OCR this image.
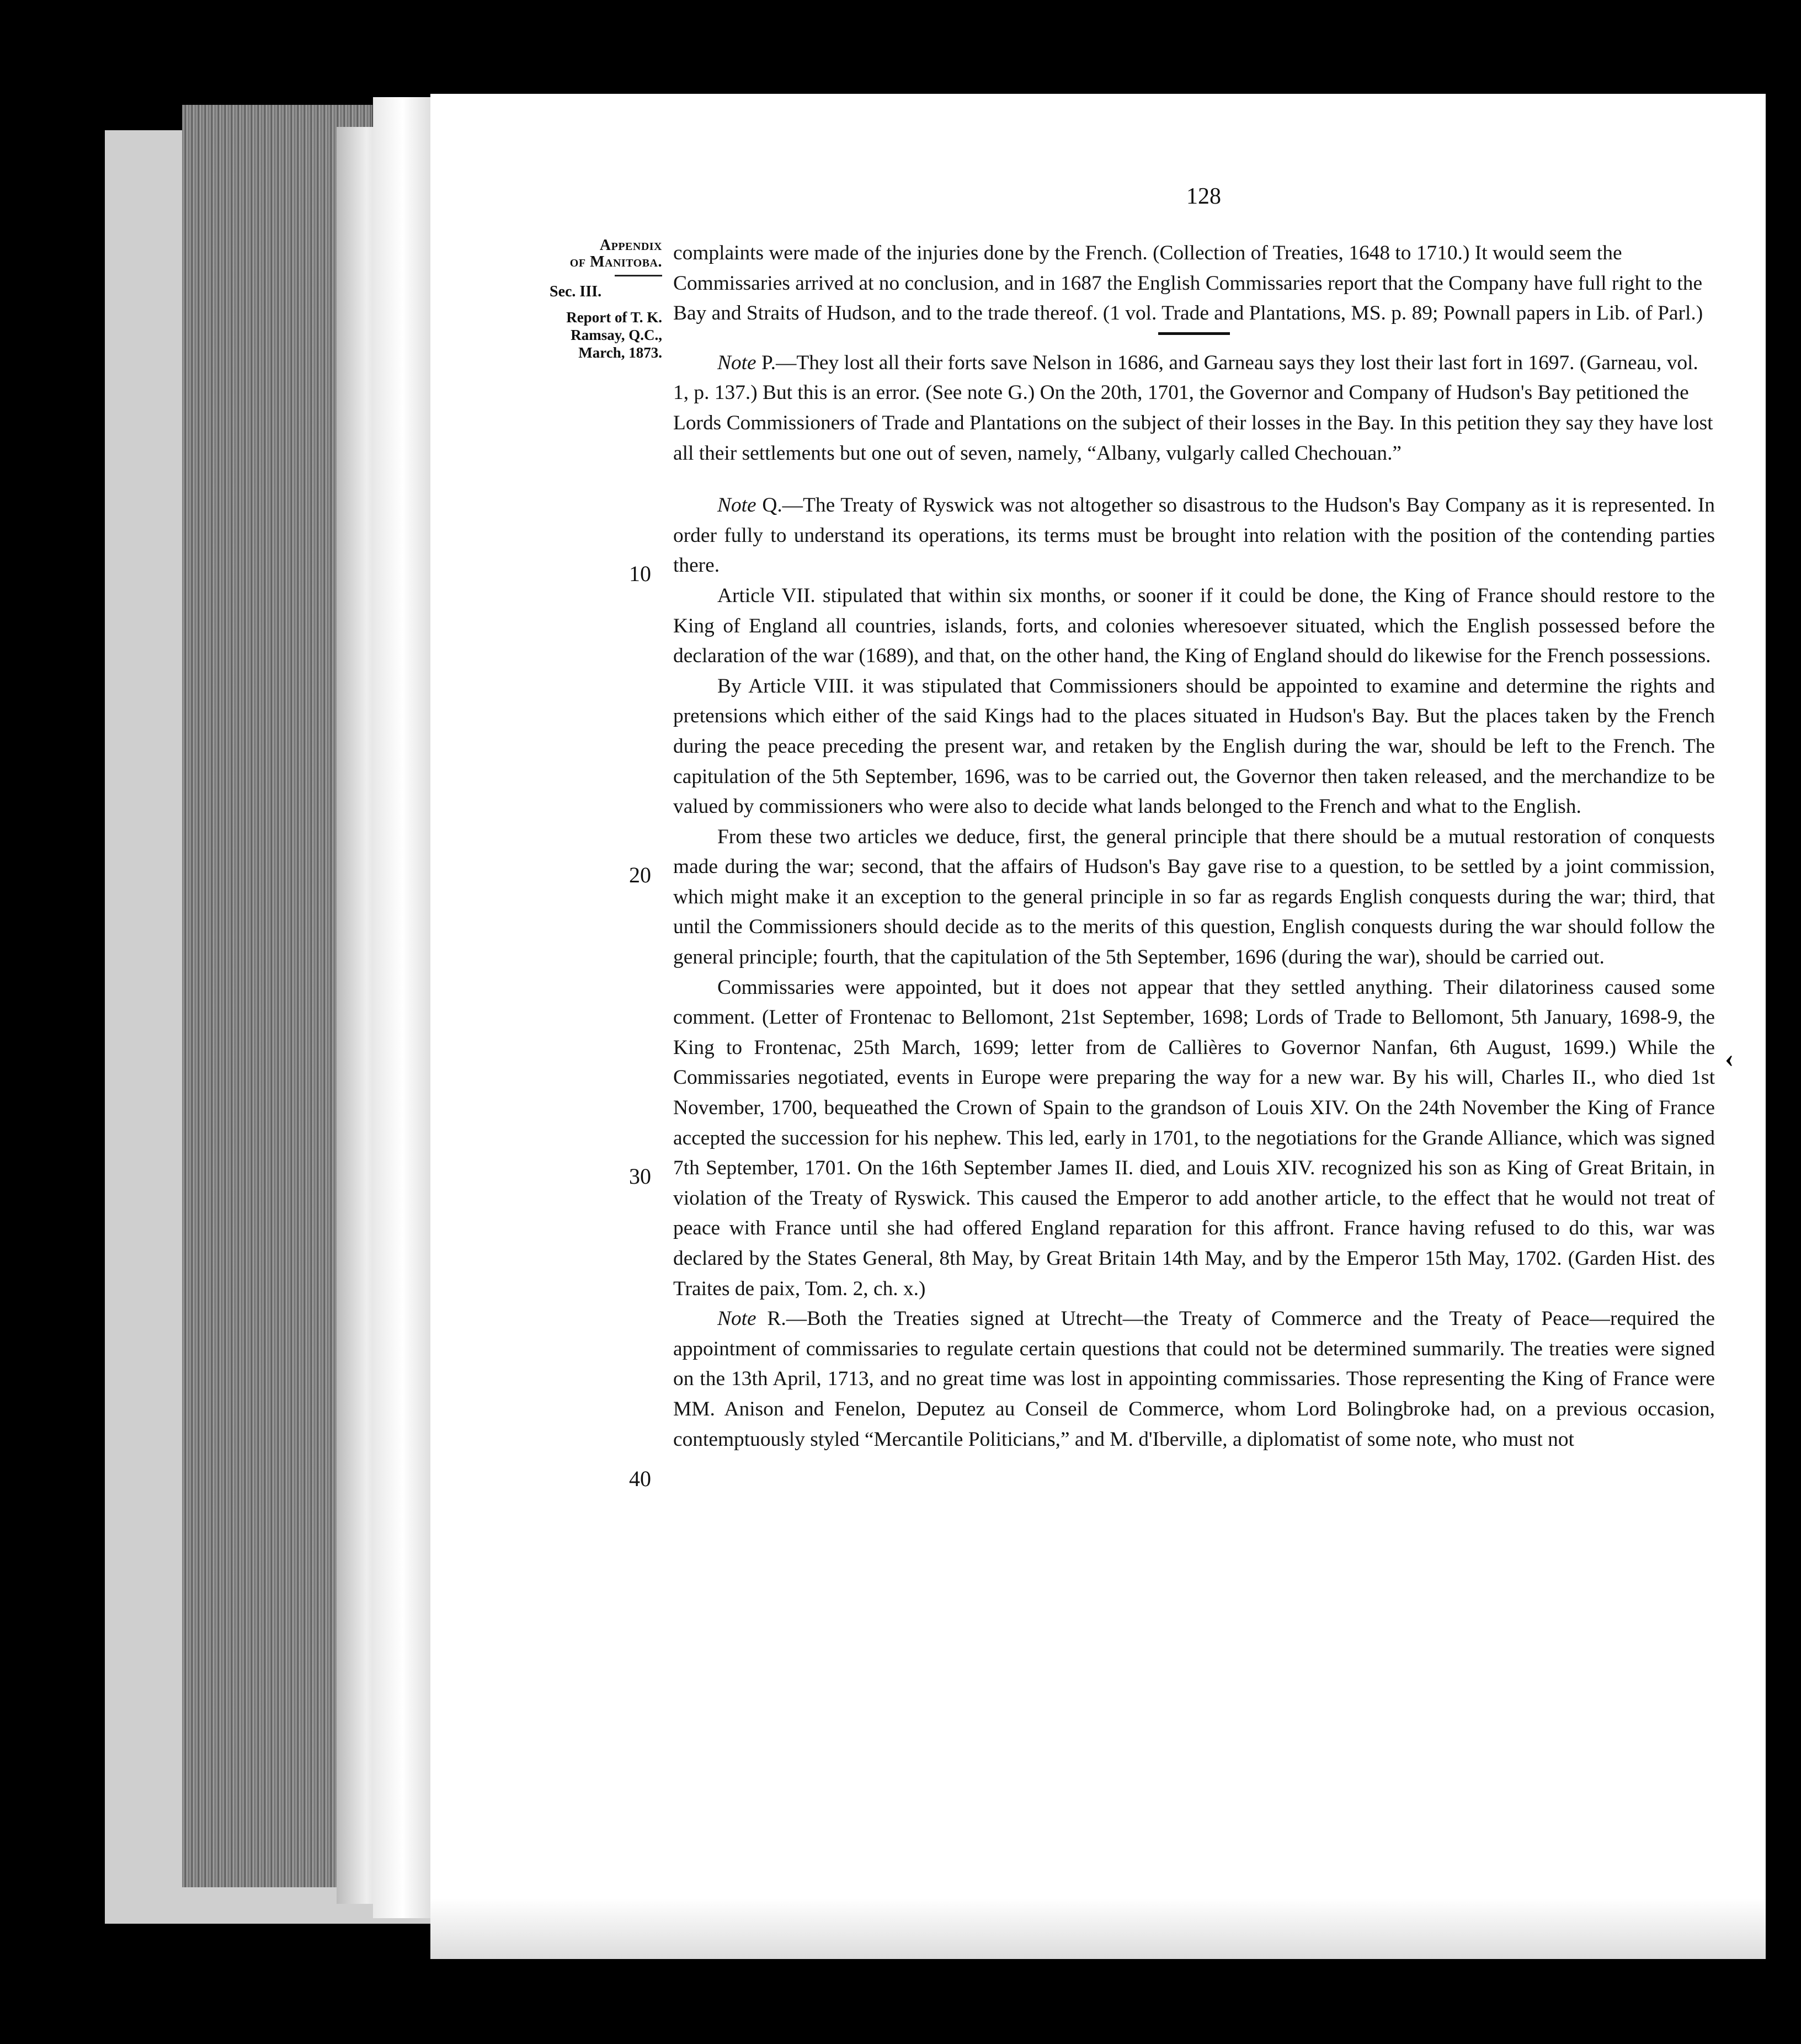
128
Appendix
of Manitoba.
Sec. III.
Report of T. K.
Ramsay, Q.C.,
March, 1873.
10
20
30
40
‹
‹

complaints were made of the injuries done by the French. (Collection of Treaties, 1648 to 1710.) It would seem the Commissaries arrived at no conclusion, and in 1687 the English Commissaries report that the Company have full right to the Bay and Straits of Hudson, and to the trade thereof. (1 vol. Trade and Plantations, MS. p. 89; Pownall papers in Lib. of Parl.)

Note P.—They lost all their forts save Nelson in 1686, and Garneau says they lost their last fort in 1697. (Garneau, vol. 1, p. 137.) But this is an error. (See note G.) On the 20th, 1701, the Governor and Company of Hudson's Bay petitioned the Lords Commissioners of Trade and Plantations on the subject of their losses in the Bay. In this petition they say they have lost all their settlements but one out of seven, namely, “Albany, vulgarly called Chechouan.”

Note Q.—The Treaty of Ryswick was not altogether so disastrous to the Hudson's Bay Company as it is represented. In order fully to understand its operations, its terms must be brought into relation with the position of the contending parties there.

Article VII. stipulated that within six months, or sooner if it could be done, the King of France should restore to the King of England all countries, islands, forts, and colonies wheresoever situated, which the English possessed before the declaration of the war (1689), and that, on the other hand, the King of England should do likewise for the French possessions.

By Article VIII. it was stipulated that Commissioners should be appointed to examine and determine the rights and pretensions which either of the said Kings had to the places situated in Hudson's Bay. But the places taken by the French during the peace preceding the present war, and retaken by the English during the war, should be left to the French. The capitulation of the 5th September, 1696, was to be carried out, the Governor then taken released, and the merchandize to be valued by commissioners who were also to decide what lands belonged to the French and what to the English.

From these two articles we deduce, first, the general principle that there should be a mutual restoration of conquests made during the war; second, that the affairs of Hudson's Bay gave rise to a question, to be settled by a joint commission, which might make it an exception to the general principle in so far as regards English conquests during the war; third, that until the Commissioners should decide as to the merits of this question, English conquests during the war should follow the general principle; fourth, that the capitulation of the 5th September, 1696 (during the war), should be carried out.

Commissaries were appointed, but it does not appear that they settled anything. Their dilatoriness caused some comment. (Letter of Frontenac to Bellomont, 21st September, 1698; Lords of Trade to Bellomont, 5th January, 1698-9, the King to Frontenac, 25th March, 1699; letter from de Callières to Governor Nanfan, 6th August, 1699.) While the Commissaries negotiated, events in Europe were preparing the way for a new war. By his will, Charles II., who died 1st November, 1700, bequeathed the Crown of Spain to the grandson of Louis XIV. On the 24th November the King of France accepted the succession for his nephew. This led, early in 1701, to the negotiations for the Grande Alliance, which was signed 7th September, 1701. On the 16th September James II. died, and Louis XIV. recognized his son as King of Great Britain, in violation of the Treaty of Ryswick. This caused the Emperor to add another article, to the effect that he would not treat of peace with France until she had offered England reparation for this affront. France having refused to do this, war was declared by the States General, 8th May, by Great Britain 14th May, and by the Emperor 15th May, 1702. (Garden Hist. des Traites de paix, Tom. 2, ch. x.)

Note R.—Both the Treaties signed at Utrecht—the Treaty of Commerce and the Treaty of Peace—required the appointment of commissaries to regulate certain questions that could not be determined summarily. The treaties were signed on the 13th April, 1713, and no great time was lost in appointing commissaries. Those representing the King of France were MM. Anison and Fenelon, Deputez au Conseil de Commerce, whom Lord Bolingbroke had, on a previous occasion, contemptuously styled “Mercantile Politicians,” and M. d'Iberville, a diplomatist of some note, who must not
